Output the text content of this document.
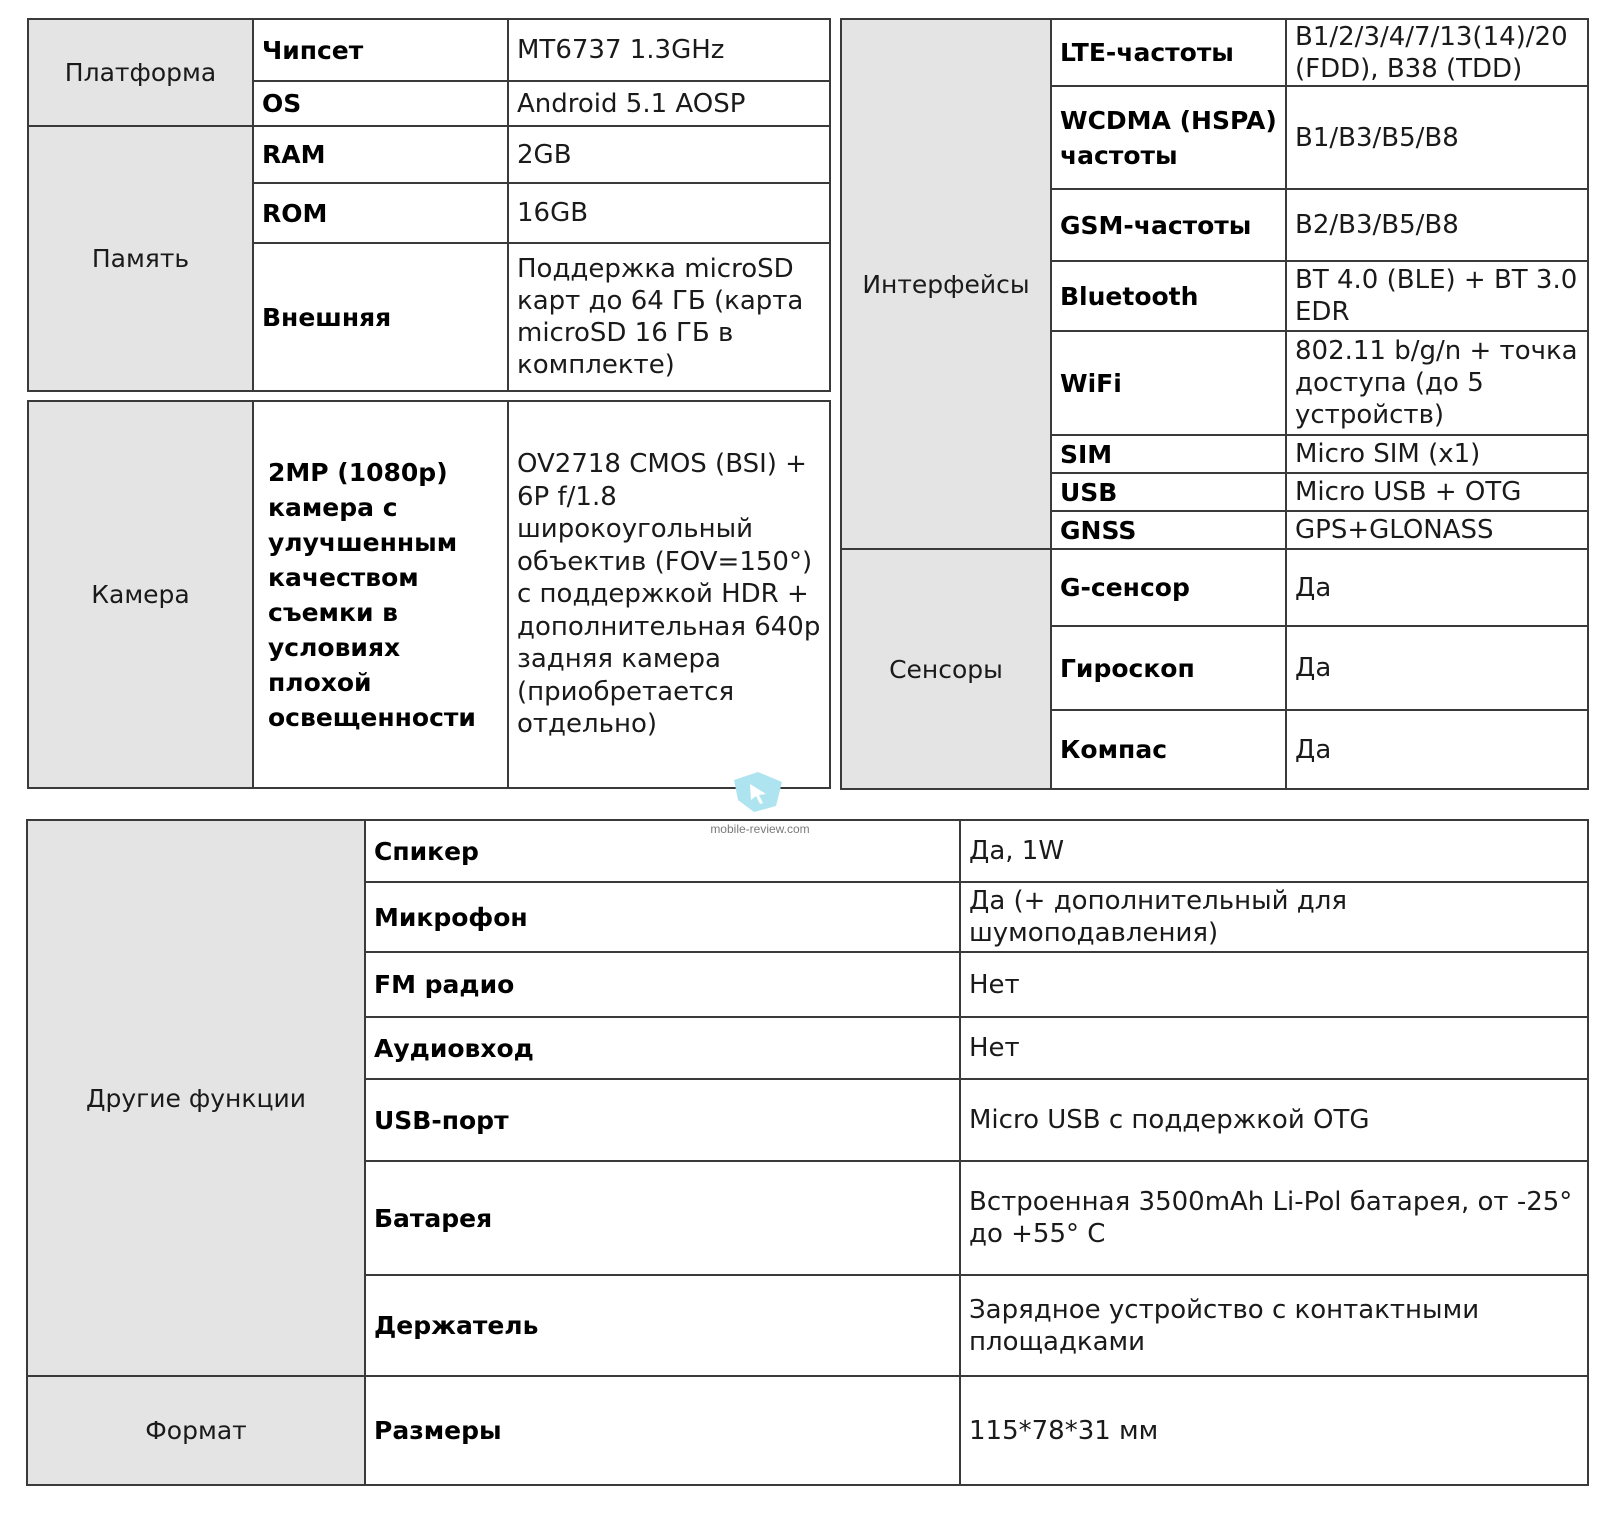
Платформа	Чипсет	MT6737 1.3GHz
	OS	Android 5.1 AOSP
Память	RAM	2GB
	ROM	16GB
	Внешняя	Поддержка microSD карт до 64 ГБ (карта microSD 16 ГБ в комплекте)
Камера	2MP (1080p) камера с улучшенным качеством съемки в условиях плохой освещенности	OV2718 CMOS (BSI) + 6P f/1.8 широкоугольный объектив (FOV=150°) с поддержкой HDR + дополнительная 640p задняя камера (приобретается отдельно)
Интерфейсы	LTE-частоты	B1/2/3/4/7/13(14)/20 (FDD), B38 (TDD)
	WCDMA (HSPA) частоты	B1/B3/B5/B8
	GSM-частоты	B2/B3/B5/B8
	Bluetooth	BT 4.0 (BLE) + BT 3.0 EDR
	WiFi	802.11 b/g/n + точка доступа (до 5 устройств)
	SIM	Micro SIM (x1)
	USB	Micro USB + OTG
	GNSS	GPS+GLONASS
Сенсоры	G-сенсор	Да
	Гироскоп	Да
	Компас	Да
Другие функции	Спикер	Да, 1W
	Микрофон	Да (+ дополнительный для шумоподавления)
	FM радио	Нет
	Аудиовход	Нет
	USB-порт	Micro USB с поддержкой OTG
	Батарея	Встроенная 3500mAh Li-Pol батарея, от -25° до +55° С
	Держатель	Зарядное устройство с контактными площадками
Формат	Размеры	115*78*31 мм
mobile-review.com
